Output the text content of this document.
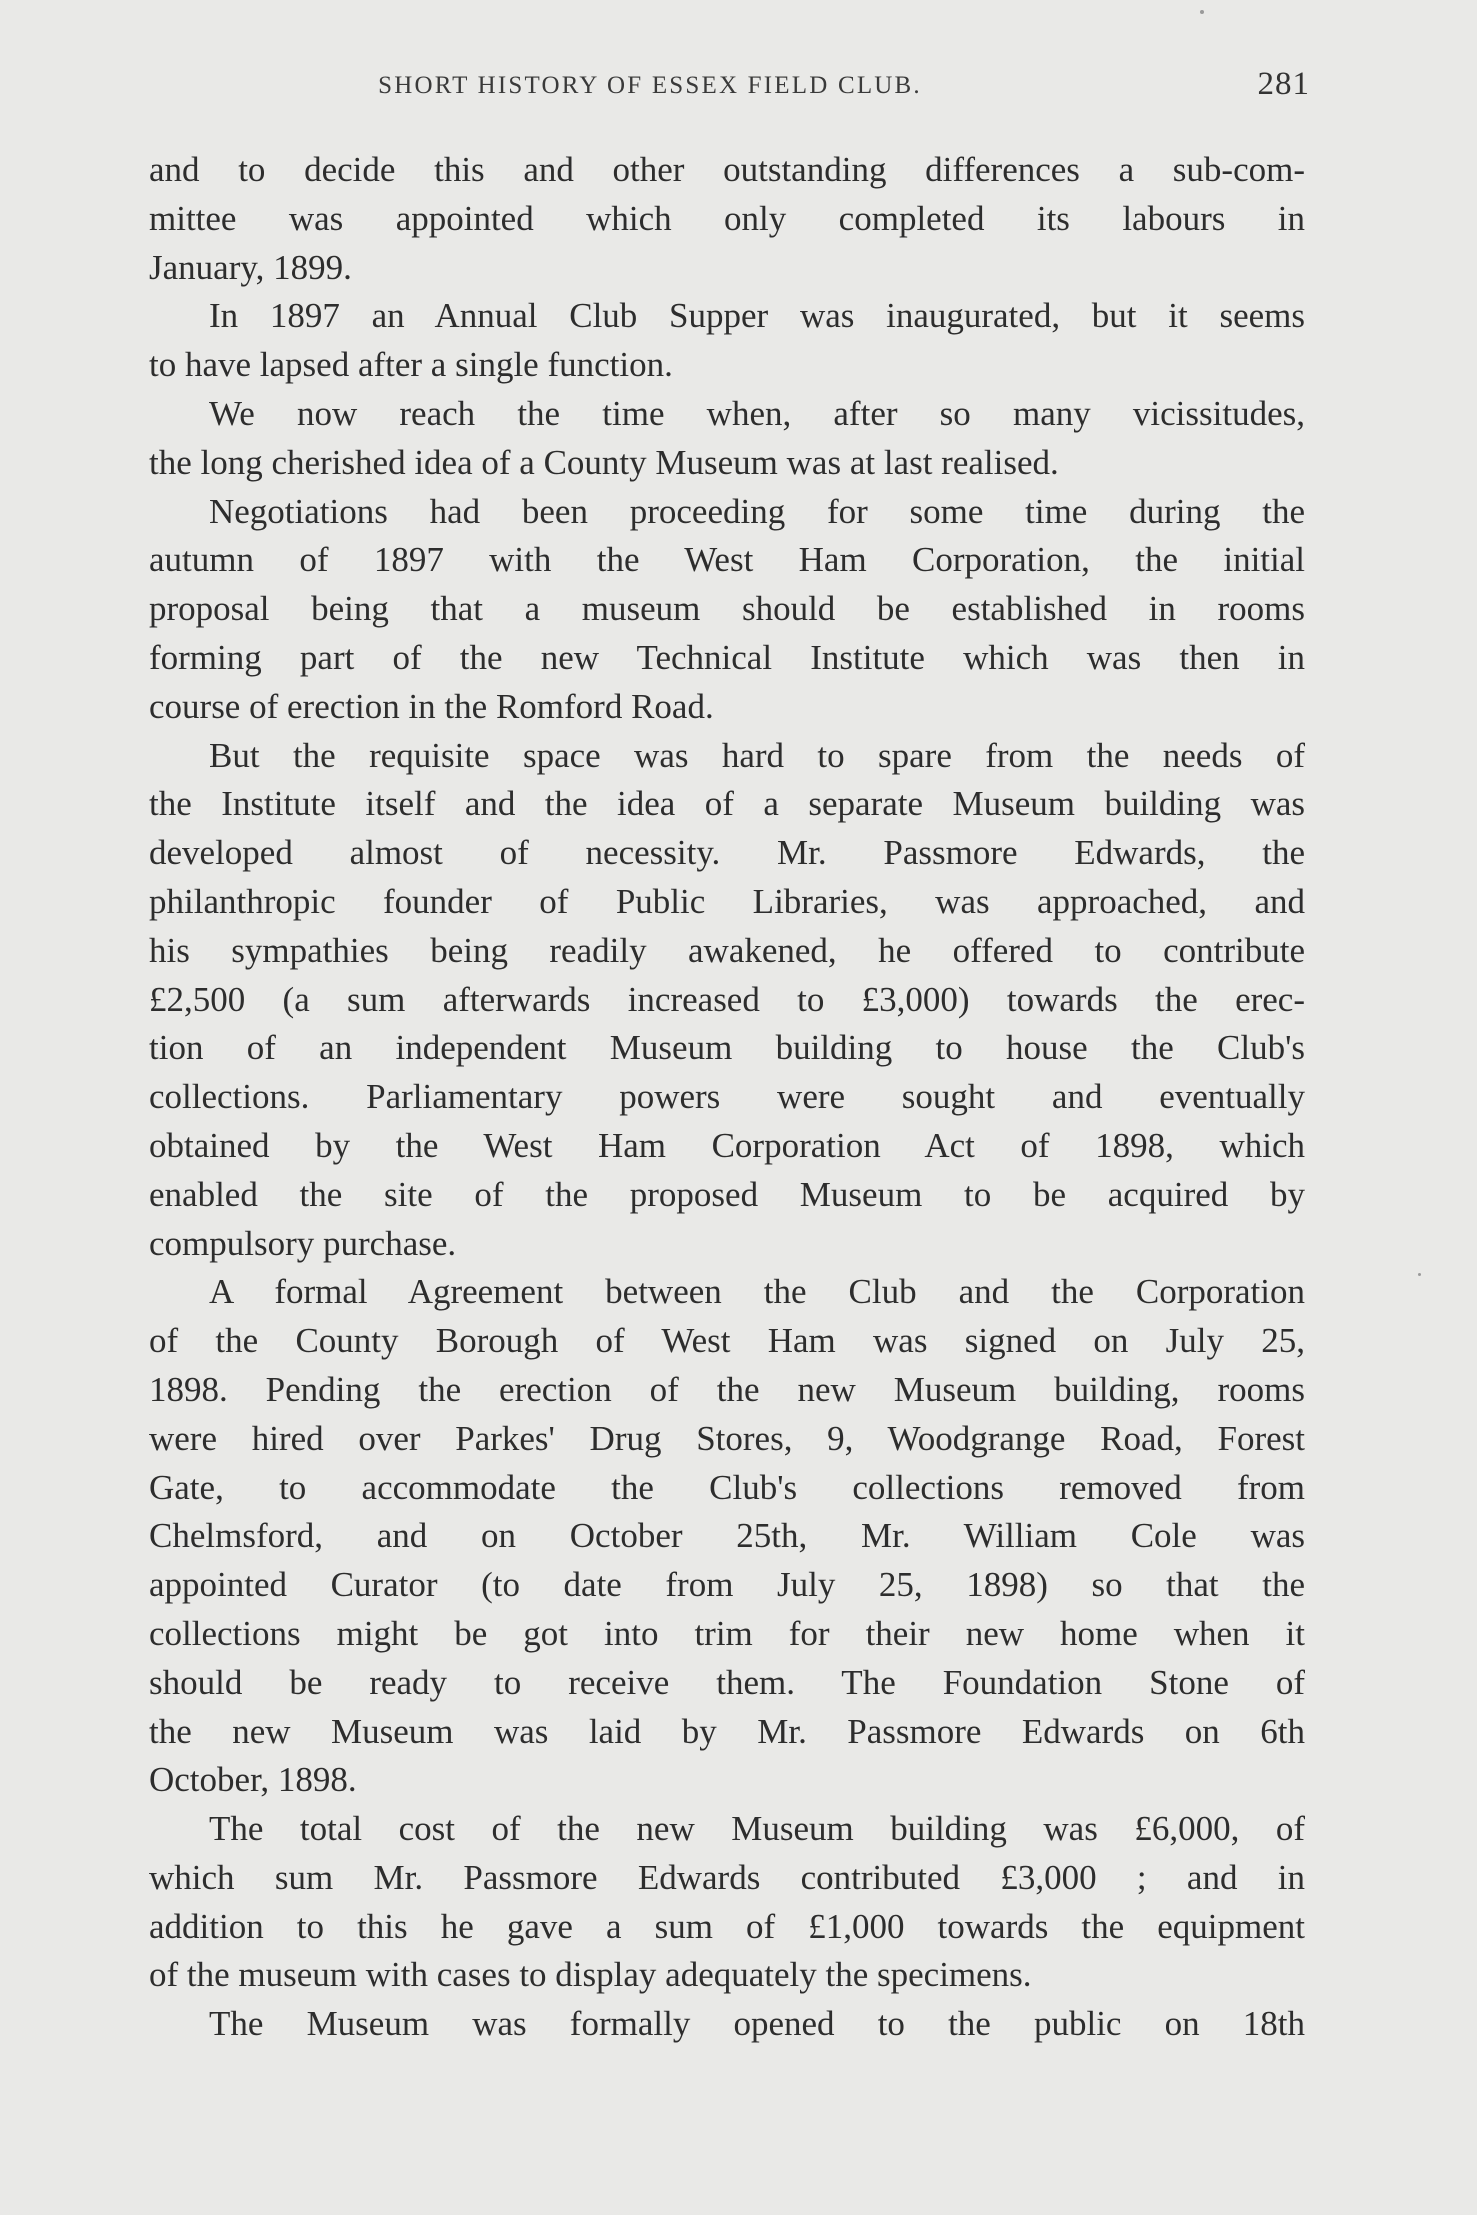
SHORT HISTORY OF ESSEX FIELD CLUB.	281
and to decide this and other outstanding differences a sub-com-
mittee was appointed which only completed its labours in
January, 1899.
In 1897 an Annual Club Supper was inaugurated, but it seems
to have lapsed after a single function.
We now reach the time when, after so many vicissitudes,
the long cherished idea of a County Museum was at last realised.
Negotiations had been proceeding for some time during the
autumn of 1897 with the West Ham Corporation, the initial
proposal being that a museum should be established in rooms
forming part of the new Technical Institute which was then in
course of erection in the Romford Road.
But the requisite space was hard to spare from the needs of
the Institute itself and the idea of a separate Museum building was
developed almost of necessity. Mr. Passmore Edwards, the
philanthropic founder of Public Libraries, was approached, and
his sympathies being readily awakened, he offered to contribute
£2,500 (a sum afterwards increased to £3,000) towards the erec-
tion of an independent Museum building to house the Club's
collections. Parliamentary powers were sought and eventually
obtained by the West Ham Corporation Act of 1898, which
enabled the site of the proposed Museum to be acquired by
compulsory purchase.
A formal Agreement between the Club and the Corporation
of the County Borough of West Ham was signed on July 25,
1898. Pending the erection of the new Museum building, rooms
were hired over Parkes' Drug Stores, 9, Woodgrange Road, Forest
Gate, to accommodate the Club's collections removed from
Chelmsford, and on October 25th, Mr. William Cole was
appointed Curator (to date from July 25, 1898) so that the
collections might be got into trim for their new home when it
should be ready to receive them. The Foundation Stone of
the new Museum was laid by Mr. Passmore Edwards on 6th
October, 1898.
The total cost of the new Museum building was £6,000, of
which sum Mr. Passmore Edwards contributed £3,000 ; and in
addition to this he gave a sum of £1,000 towards the equipment
of the museum with cases to display adequately the specimens.
The Museum was formally opened to the public on 18th
